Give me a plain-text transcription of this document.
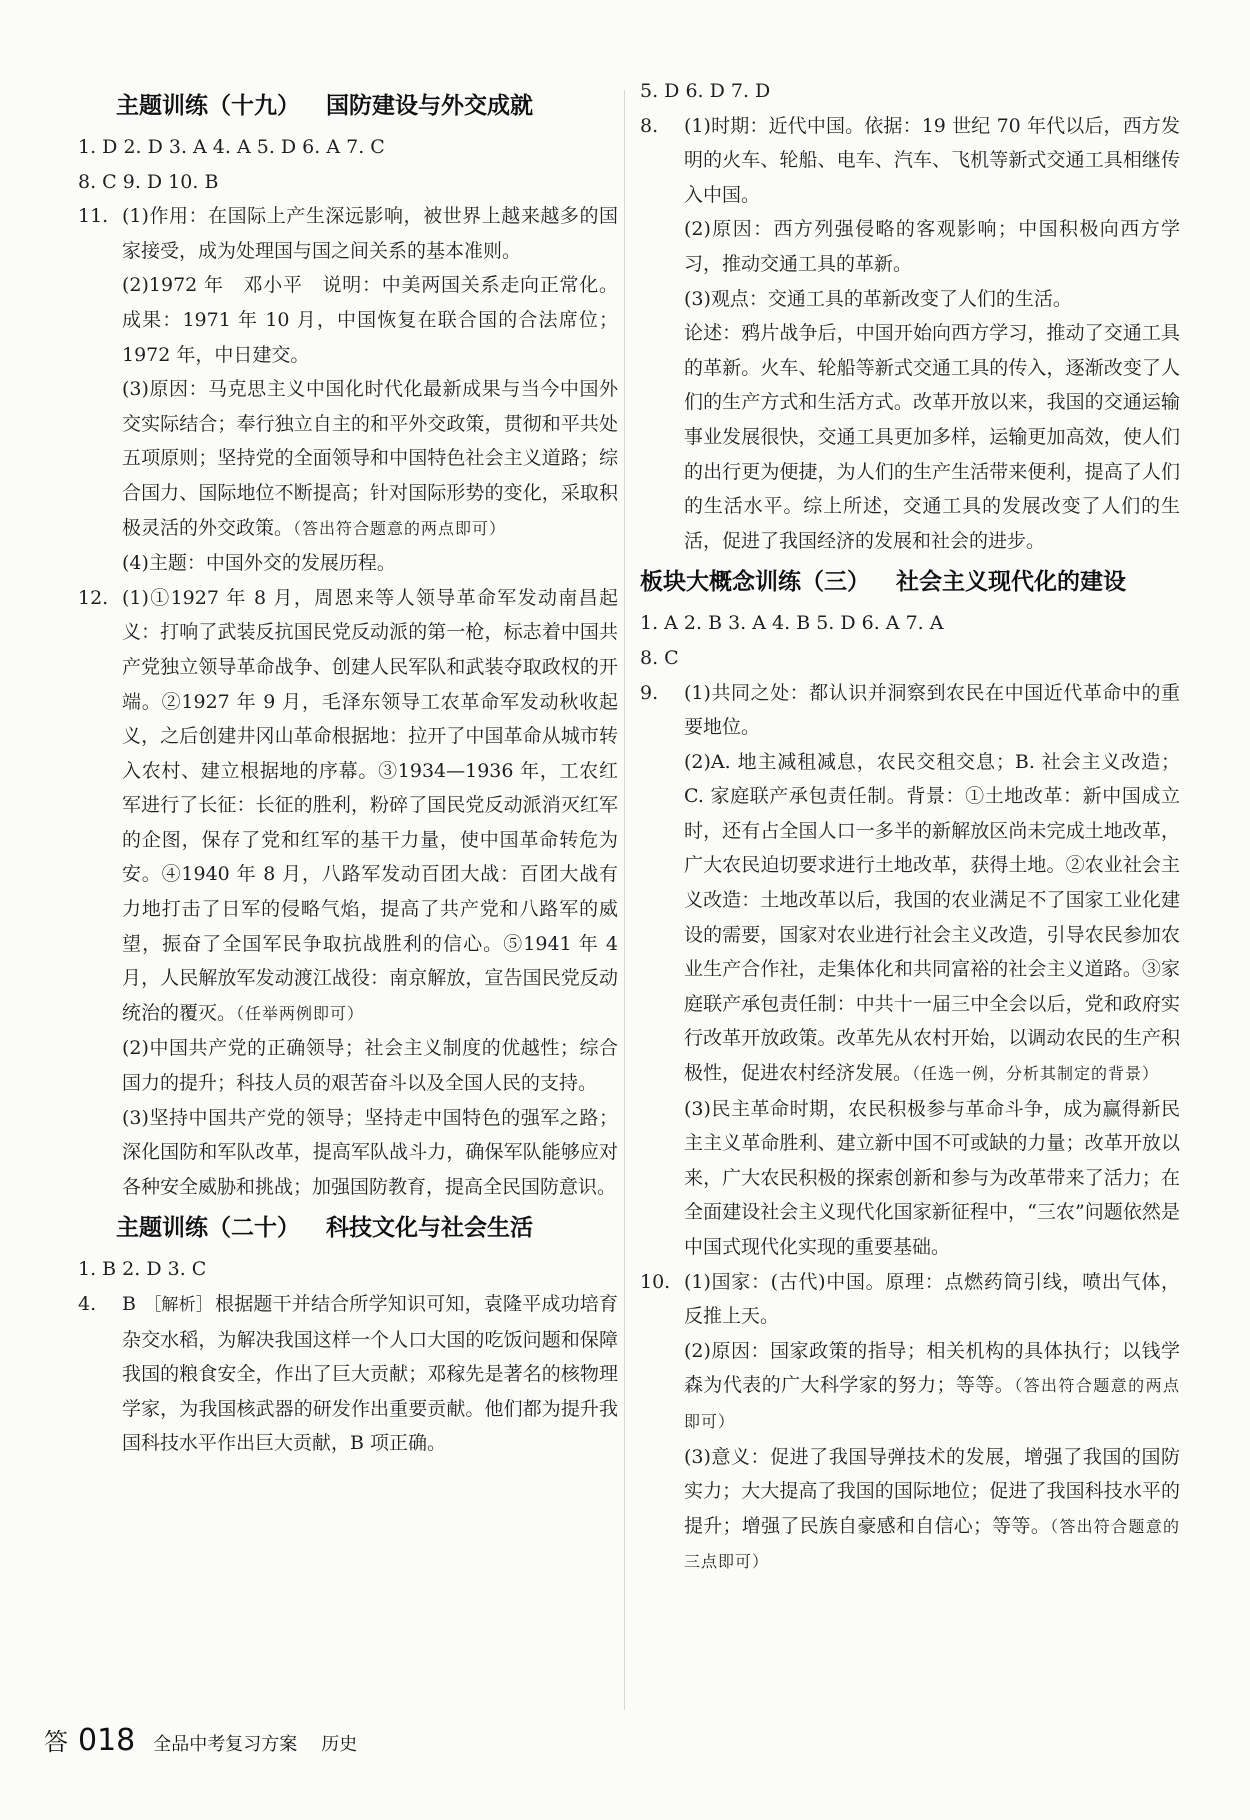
主题训练（十九） 国防建设与外交成就
1. D 2. D 3. A 4. A 5. D 6. A 7. C
8. C 9. D 10. B
11. (1)作用：在国际上产生深远影响，被世界上越来越多的国家接受，成为处理国与国之间关系的基本准则。

(2)1972 年　邓小平　说明：中美两国关系走向正常化。成果：1971 年 10 月，中国恢复在联合国的合法席位；1972 年，中日建交。

(3)原因：马克思主义中国化时代化最新成果与当今中国外交实际结合；奉行独立自主的和平外交政策，贯彻和平共处五项原则；坚持党的全面领导和中国特色社会主义道路；综合国力、国际地位不断提高；针对国际形势的变化，采取积极灵活的外交政策。（答出符合题意的两点即可）

(4)主题：中国外交的发展历程。

12. (1)①1927 年 8 月，周恩来等人领导革命军发动南昌起义：打响了武装反抗国民党反动派的第一枪，标志着中国共产党独立领导革命战争、创建人民军队和武装夺取政权的开端。②1927 年 9 月，毛泽东领导工农革命军发动秋收起义，之后创建井冈山革命根据地：拉开了中国革命从城市转入农村、建立根据地的序幕。③1934—1936 年，工农红军进行了长征：长征的胜利，粉碎了国民党反动派消灭红军的企图，保存了党和红军的基干力量，使中国革命转危为安。④1940 年 8 月，八路军发动百团大战：百团大战有力地打击了日军的侵略气焰，提高了共产党和八路军的威望，振奋了全国军民争取抗战胜利的信心。⑤1941 年 4 月，人民解放军发动渡江战役：南京解放，宣告国民党反动统治的覆灭。（任举两例即可）

(2)中国共产党的正确领导；社会主义制度的优越性；综合国力的提升；科技人员的艰苦奋斗以及全国人民的支持。

(3)坚持中国共产党的领导；坚持走中国特色的强军之路；深化国防和军队改革，提高军队战斗力，确保军队能够应对各种安全威胁和挑战；加强国防教育，提高全民国防意识。

主题训练（二十） 科技文化与社会生活
1. B 2. D 3. C
4.	B ［解析］ 根据题干并结合所学知识可知，袁隆平成功培育杂交水稻，为解决我国这样一个人口大国的吃饭问题和保障我国的粮食安全，作出了巨大贡献；邓稼先是著名的核物理学家，为我国核武器的研发作出重要贡献。他们都为提升我国科技水平作出巨大贡献，B 项正确。

5. D 6. D 7. D
8.	(1)时期：近代中国。依据：19 世纪 70 年代以后，西方发明的火车、轮船、电车、汽车、飞机等新式交通工具相继传入中国。

(2)原因：西方列强侵略的客观影响；中国积极向西方学习，推动交通工具的革新。

(3)观点：交通工具的革新改变了人们的生活。

论述：鸦片战争后，中国开始向西方学习，推动了交通工具的革新。火车、轮船等新式交通工具的传入，逐渐改变了人们的生产方式和生活方式。改革开放以来，我国的交通运输事业发展很快，交通工具更加多样，运输更加高效，使人们的出行更为便捷，为人们的生产生活带来便利，提高了人们的生活水平。综上所述，交通工具的发展改变了人们的生活，促进了我国经济的发展和社会的进步。

板块大概念训练（三） 社会主义现代化的建设
1. A 2. B 3. A 4. B 5. D 6. A 7. A
8. C
9.	(1)共同之处：都认识并洞察到农民在中国近代革命中的重要地位。

(2)A. 地主减租减息，农民交租交息；B. 社会主义改造；C. 家庭联产承包责任制。背景：①土地改革：新中国成立时，还有占全国人口一多半的新解放区尚未完成土地改革，广大农民迫切要求进行土地改革，获得土地。②农业社会主义改造：土地改革以后，我国的农业满足不了国家工业化建设的需要，国家对农业进行社会主义改造，引导农民参加农业生产合作社，走集体化和共同富裕的社会主义道路。③家庭联产承包责任制：中共十一届三中全会以后，党和政府实行改革开放政策。改革先从农村开始，以调动农民的生产积极性，促进农村经济发展。（任选一例，分析其制定的背景）

(3)民主革命时期，农民积极参与革命斗争，成为赢得新民主主义革命胜利、建立新中国不可或缺的力量；改革开放以来，广大农民积极的探索创新和参与为改革带来了活力；在全面建设社会主义现代化国家新征程中，“三农”问题依然是中国式现代化实现的重要基础。

10. (1)国家：(古代)中国。原理：点燃药筒引线，喷出气体，反推上天。

(2)原因：国家政策的指导；相关机构的具体执行；以钱学森为代表的广大科学家的努力；等等。（答出符合题意的两点即可）

(3)意义：促进了我国导弹技术的发展，增强了我国的国防实力；大大提高了我国的国际地位；促进了我国科技水平的提升；增强了民族自豪感和自信心；等等。（答出符合题意的三点即可）

答 018 全品中考复习方案 历史
